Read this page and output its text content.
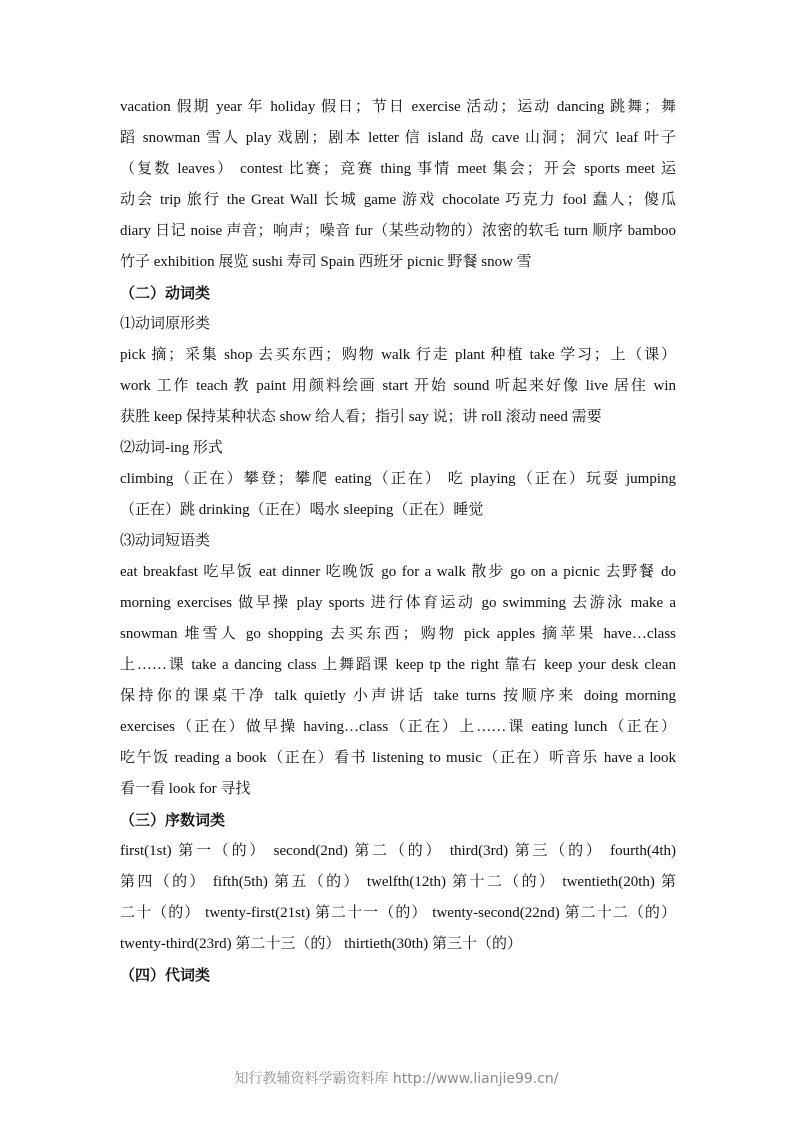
vacation 假期 year 年 holiday 假日；节日 exercise 活动；运动 dancing 跳舞；舞
蹈 snowman 雪人 play 戏剧；剧本 letter 信 island 岛 cave 山洞；洞穴 leaf 叶子
（复数 leaves） contest 比赛；竞赛 thing 事情 meet 集会；开会 sports meet 运
动会 trip 旅行 the Great Wall 长城 game 游戏 chocolate 巧克力 fool 蠢人；傻瓜
diary 日记 noise 声音；响声；噪音 fur（某些动物的）浓密的软毛 turn 顺序 bamboo
竹子 exhibition 展览 sushi 寿司 Spain 西班牙 picnic 野餐 snow 雪
（二）动词类
⑴动词原形类
pick 摘；采集 shop 去买东西；购物 walk 行走 plant 种植 take 学习；上（课）
work 工作 teach 教 paint 用颜料绘画 start 开始 sound 听起来好像 live 居住 win
获胜 keep 保持某种状态 show 给人看；指引 say 说；讲 roll 滚动 need 需要
⑵动词-ing 形式
climbing（正在）攀登；攀爬 eating（正在） 吃 playing（正在）玩耍 jumping
（正在）跳 drinking（正在）喝水 sleeping（正在）睡觉
⑶动词短语类
eat breakfast 吃早饭 eat dinner 吃晚饭 go for a walk 散步 go on a picnic 去野餐 do
morning exercises 做早操 play sports 进行体育运动 go swimming 去游泳 make a
snowman 堆雪人 go shopping 去买东西；购物 pick apples 摘苹果 have…class
上……课 take a dancing class 上舞蹈课 keep tp the right 靠右 keep your desk clean
保持你的课桌干净 talk quietly 小声讲话 take turns 按顺序来 doing morning
exercises（正在）做早操 having…class（正在）上……课 eating lunch（正在）
吃午饭 reading a book（正在）看书 listening to music（正在）听音乐 have a look
看一看 look for 寻找
（三）序数词类
first(1st) 第一（的） second(2nd) 第二（的） third(3rd) 第三（的） fourth(4th)
第四（的） fifth(5th) 第五（的） twelfth(12th) 第十二（的） twentieth(20th) 第
二十（的） twenty-first(21st) 第二十一（的） twenty-second(22nd) 第二十二（的）
twenty-third(23rd) 第二十三（的） thirtieth(30th) 第三十（的）
（四）代词类
知行教辅资料学霸资料库 http://www.lianjie99.cn/
